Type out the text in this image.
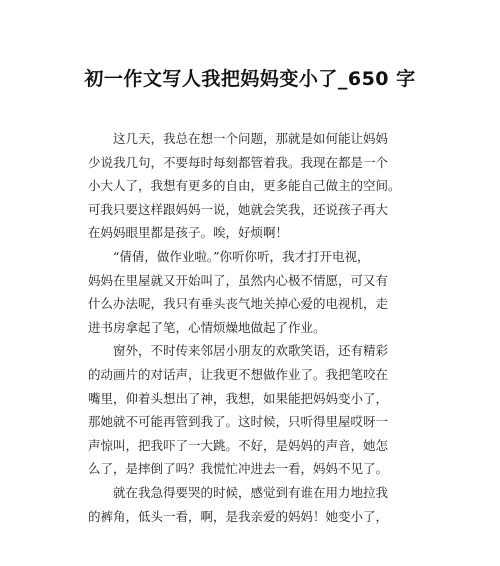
初一作文写人我把妈妈变小了_650 字
　　这几天，我总在想一个问题，那就是如何能让妈妈
少说我几句，不要每时每刻都管着我。我现在都是一个
小大人了，我想有更多的自由，更多能自己做主的空间。
可我只要这样跟妈妈一说，她就会笑我，还说孩子再大
在妈妈眼里都是孩子。唉，好烦啊！
　　“倩倩，做作业啦。”你听你听，我才打开电视，
妈妈在里屋就又开始叫了，虽然内心极不情愿，可又有
什么办法呢，我只有垂头丧气地关掉心爱的电视机，走
进书房拿起了笔，心情烦燥地做起了作业。
　　窗外，不时传来邻居小朋友的欢歌笑语，还有精彩
的动画片的对话声，让我更不想做作业了。我把笔咬在
嘴里，仰着头想出了神，我想，如果能把妈妈变小了，
那她就不可能再管到我了。这时候，只听得里屋哎呀一
声惊叫，把我吓了一大跳。不好，是妈妈的声音，她怎
么了，是摔倒了吗？我慌忙冲进去一看，妈妈不见了。
　　就在我急得要哭的时候，感觉到有谁在用力地拉我
的裤角，低头一看，啊，是我亲爱的妈妈！她变小了，
